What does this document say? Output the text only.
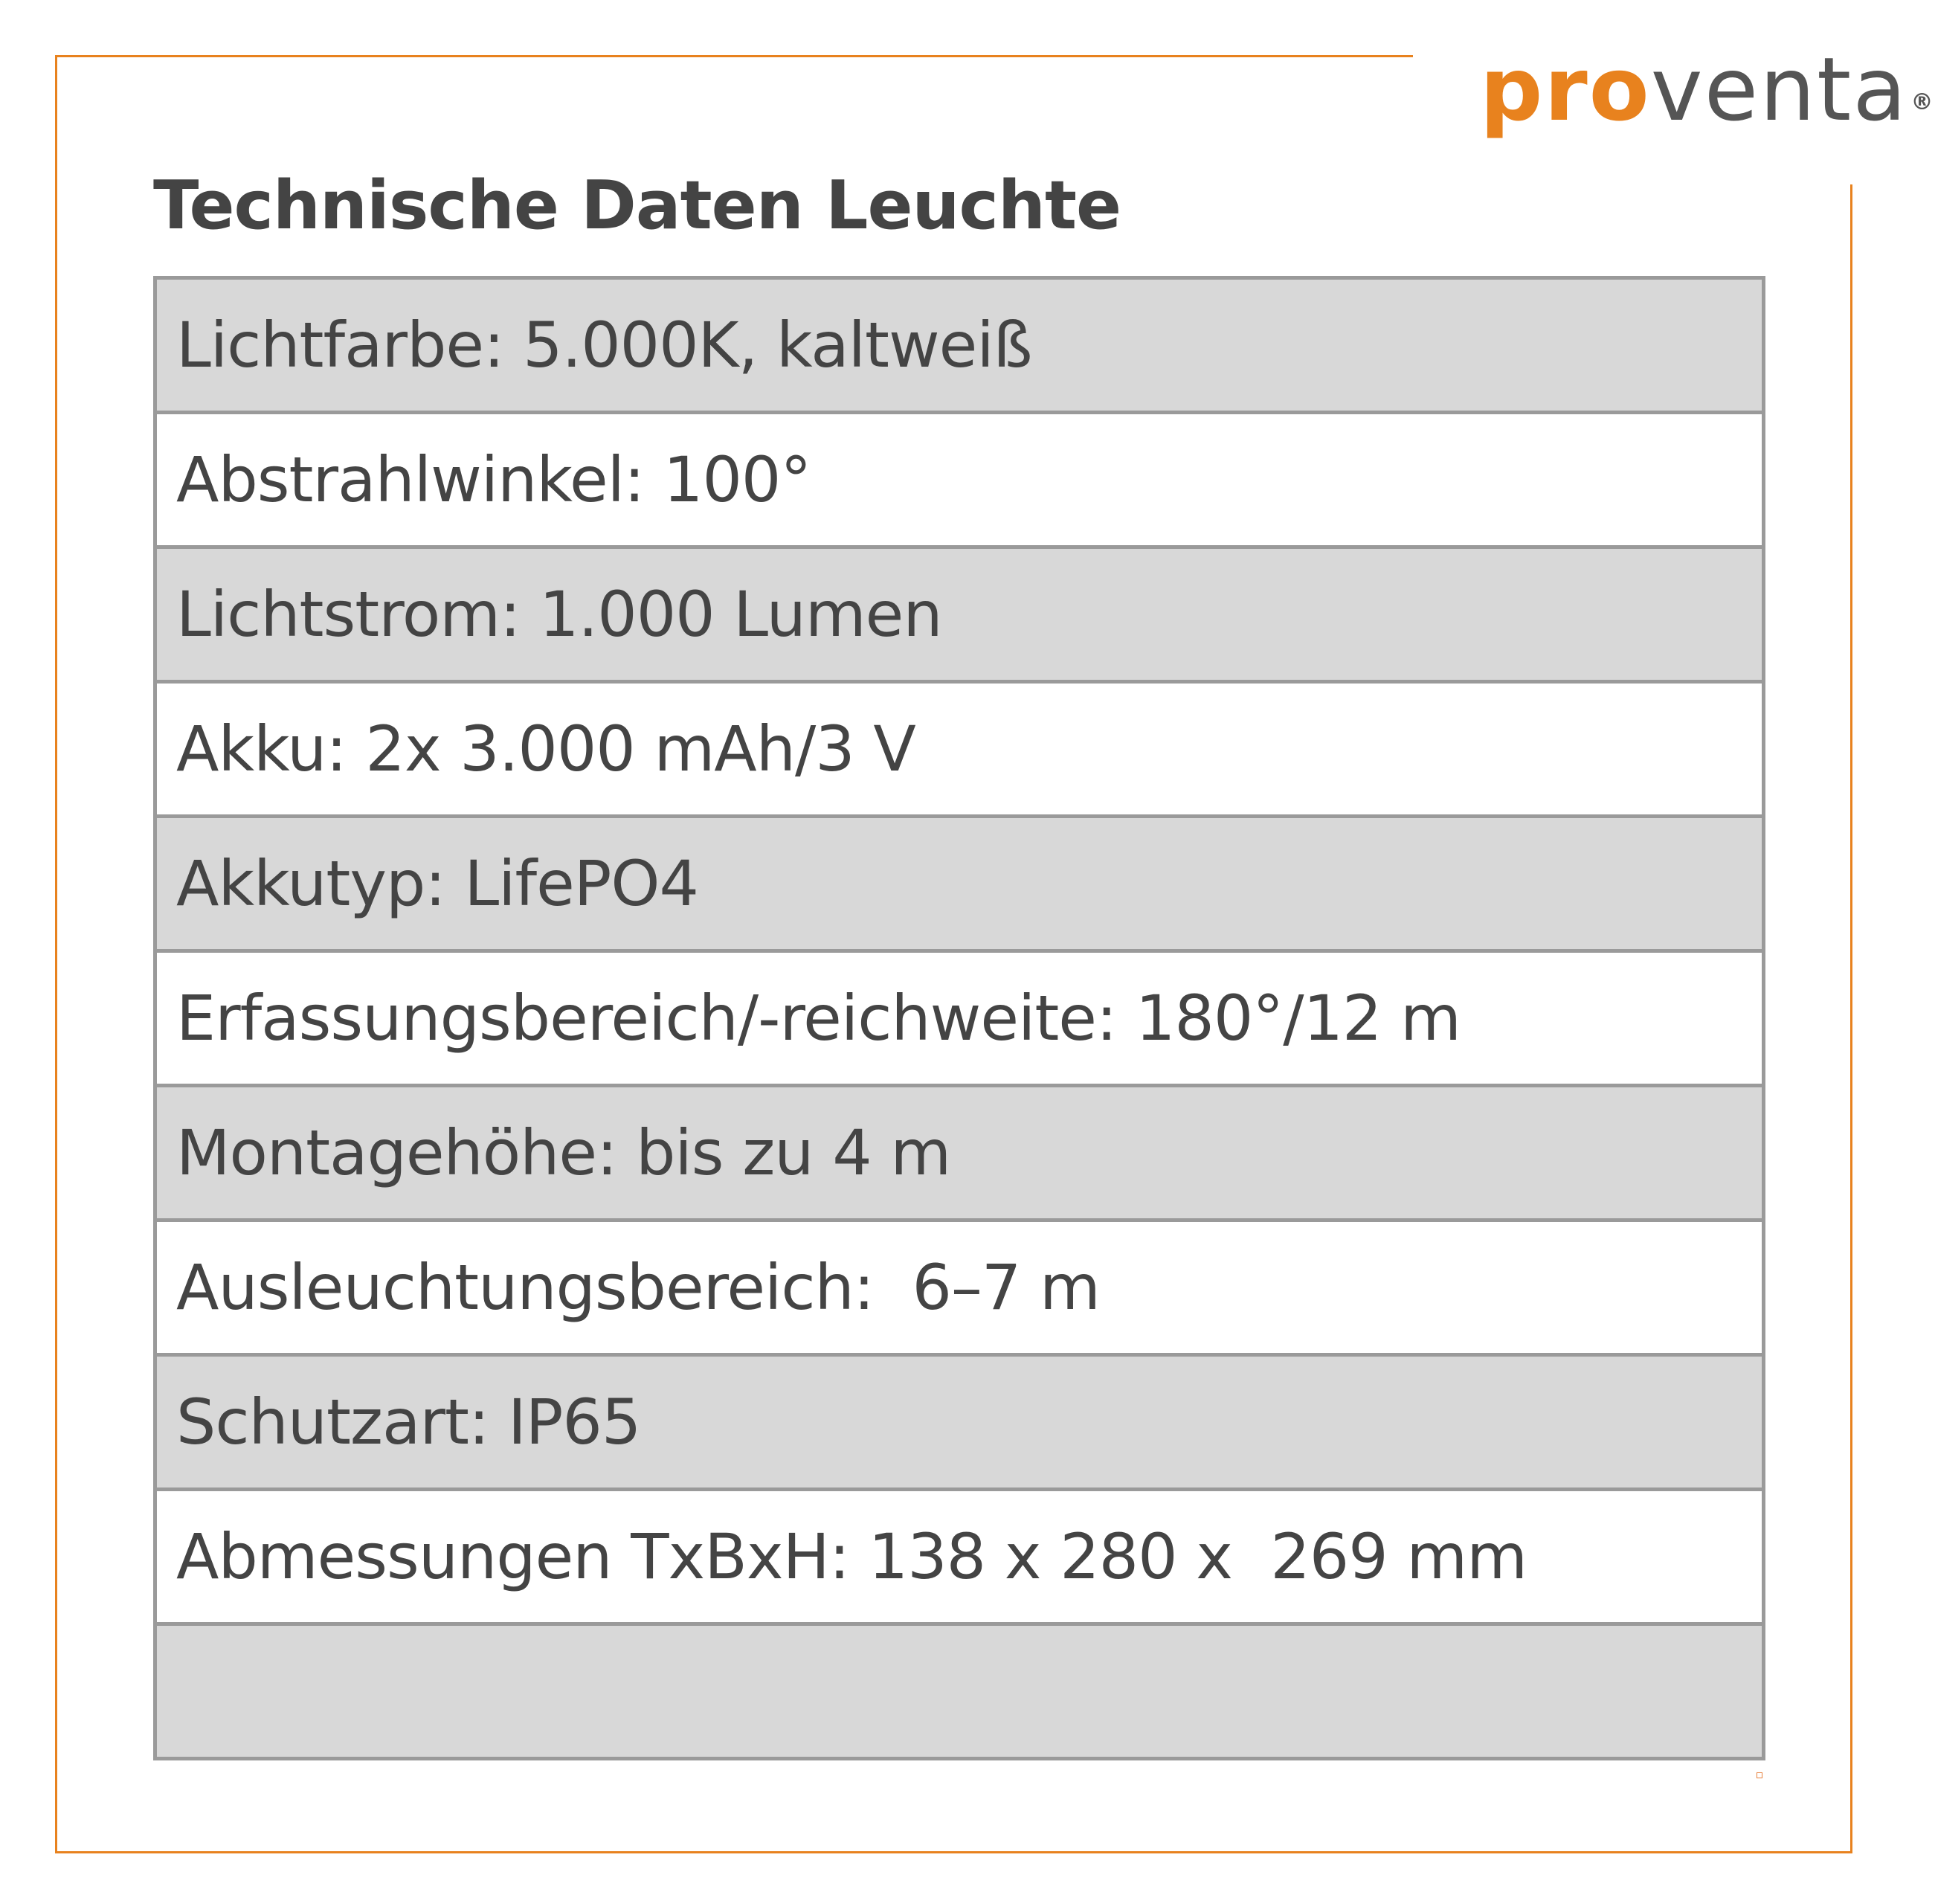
proventa ®
Technische Daten Leuchte
Lichtfarbe: 5.000K, kaltweiß
Abstrahlwinkel: 100°
Lichtstrom: 1.000 Lumen
Akku: 2x 3.000 mAh/3 V
Akkutyp: LifePO4
Erfassungsbereich/-reichweite: 180°/12 m
Montagehöhe: bis zu 4 m
Ausleuchtungsbereich:  6–7 m
Schutzart: IP65
Abmessungen TxBxH: 138 x 280 x  269 mm
